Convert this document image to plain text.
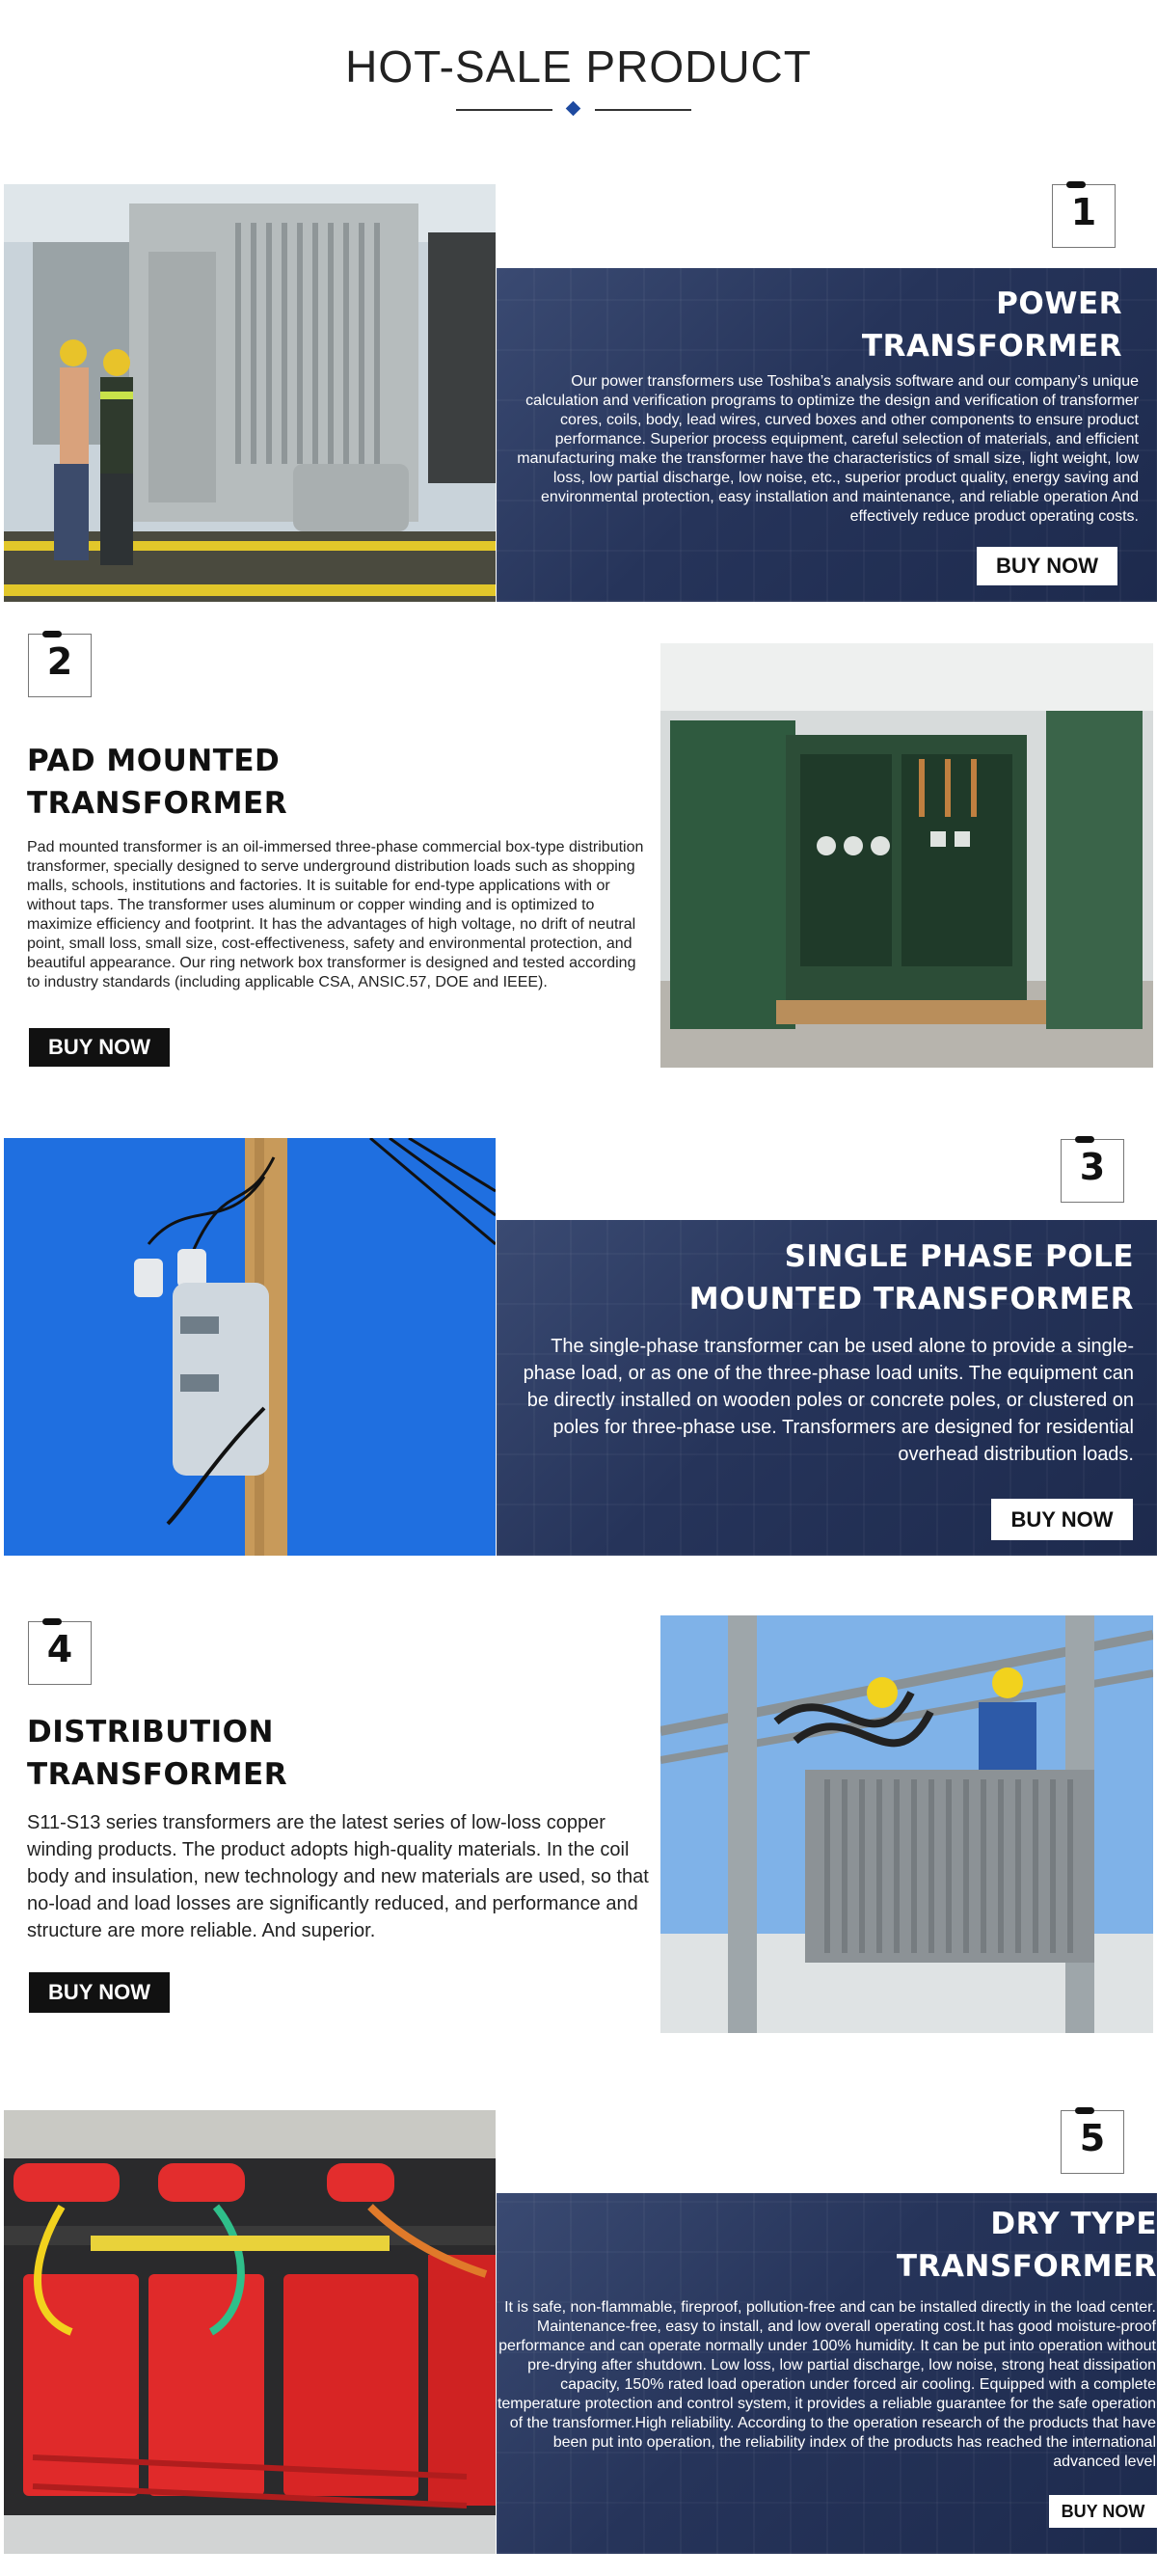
HOT-SALE PRODUCT
POWER
TRANSFORMER
Our power transformers use Toshiba’s analysis software and our company’s unique calculation and verification programs to optimize the design and verification of transformer cores, coils, body, lead wires, curved boxes and other components to ensure product performance. Superior process equipment, careful selection of materials, and efficient manufacturing make the transformer have the characteristics of small size, light weight, low loss, low partial discharge, low noise, etc., superior product quality, energy saving and environmental protection, easy installation and maintenance, and reliable operation And effectively reduce product operating costs.
BUY NOW
1
2
PAD MOUNTED
TRANSFORMER
Pad mounted transformer is an oil-immersed three-phase commercial box-type distribution transformer, specially designed to serve underground distribution loads such as shopping malls, schools, institutions and factories. It is suitable for end-type applications with or without taps. The transformer uses aluminum or copper winding and is optimized to maximize efficiency and footprint. It has the advantages of high voltage, no drift of neutral point, small loss, small size, cost-effectiveness, safety and environmental protection, and beautiful appearance. Our ring network box transformer is designed and tested according to industry standards (including applicable CSA, ANSIC.57, DOE and IEEE).
BUY NOW
SINGLE PHASE POLE
MOUNTED TRANSFORMER
The single-phase transformer can be used alone to provide a single-phase load, or as one of the three-phase load units. The equipment can be directly installed on wooden poles or concrete poles, or clustered on poles for three-phase use. Transformers are designed for residential overhead distribution loads.
BUY NOW
3
4
DISTRIBUTION
TRANSFORMER
S11-S13 series transformers are the latest series of low-loss copper winding products. The product adopts high-quality materials. In the coil body and insulation, new technology and new materials are used, so that no-load and load losses are significantly reduced, and performance and structure are more reliable. And superior.
BUY NOW
DRY TYPE
TRANSFORMER
It is safe, non-flammable, fireproof, pollution-free and can be installed directly in the load center. Maintenance-free, easy to install, and low overall operating cost.It has good moisture-proof performance and can operate normally under 100% humidity. It can be put into operation without pre-drying after shutdown. Low loss, low partial discharge, low noise, strong heat dissipation capacity, 150% rated load operation under forced air cooling. Equipped with a complete temperature protection and control system, it provides a reliable guarantee for the safe operation of the transformer.High reliability. According to the operation research of the products that have been put into operation, the reliability index of the products has reached the international advanced level
BUY NOW
5
